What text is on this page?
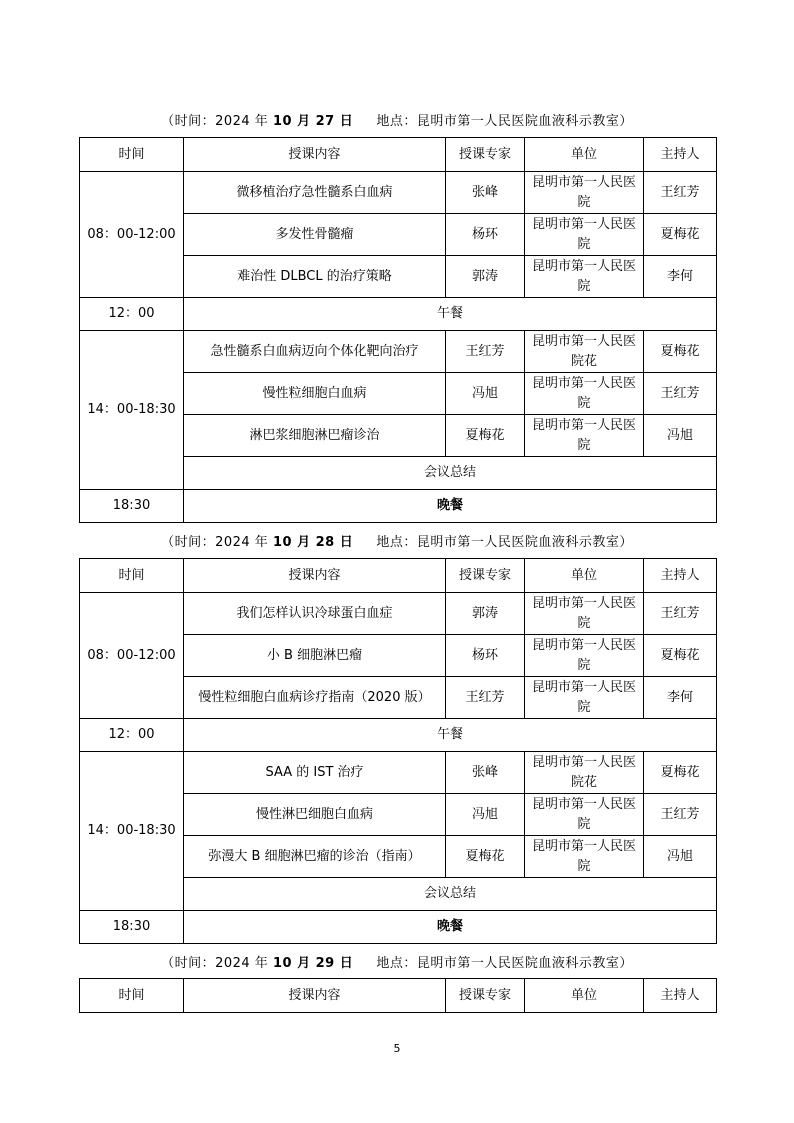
（时间：2024 年 10 月 27 日 地点：昆明市第一人民医院血液科示教室）
时间	授课内容	授课专家	单位	主持人
08：00-12:00	微移植治疗急性髓系白血病	张峰	昆明市第一人民医院	王红芳
	多发性骨髓瘤	杨环	昆明市第一人民医院	夏梅花
	难治性 DLBCL 的治疗策略	郭涛	昆明市第一人民医院	李何
12：00	午餐			
14：00-18:30	急性髓系白血病迈向个体化靶向治疗	王红芳	昆明市第一人民医院花	夏梅花
	慢性粒细胞白血病	冯旭	昆明市第一人民医院	王红芳
	淋巴浆细胞淋巴瘤诊治	夏梅花	昆明市第一人民医院	冯旭
	会议总结			
18:30	晚餐			
（时间：2024 年 10 月 28 日 地点：昆明市第一人民医院血液科示教室）
时间	授课内容	授课专家	单位	主持人
08：00-12:00	我们怎样认识冷球蛋白血症	郭涛	昆明市第一人民医院	王红芳
	小 B 细胞淋巴瘤	杨环	昆明市第一人民医院	夏梅花
	慢性粒细胞白血病诊疗指南（2020 版）	王红芳	昆明市第一人民医院	李何
12：00	午餐			
14：00-18:30	SAA 的 IST 治疗	张峰	昆明市第一人民医院花	夏梅花
	慢性淋巴细胞白血病	冯旭	昆明市第一人民医院	王红芳
	弥漫大 B 细胞淋巴瘤的诊治（指南）	夏梅花	昆明市第一人民医院	冯旭
	会议总结			
18:30	晚餐			
（时间：2024 年 10 月 29 日 地点：昆明市第一人民医院血液科示教室）
时间	授课内容	授课专家	单位	主持人
5
